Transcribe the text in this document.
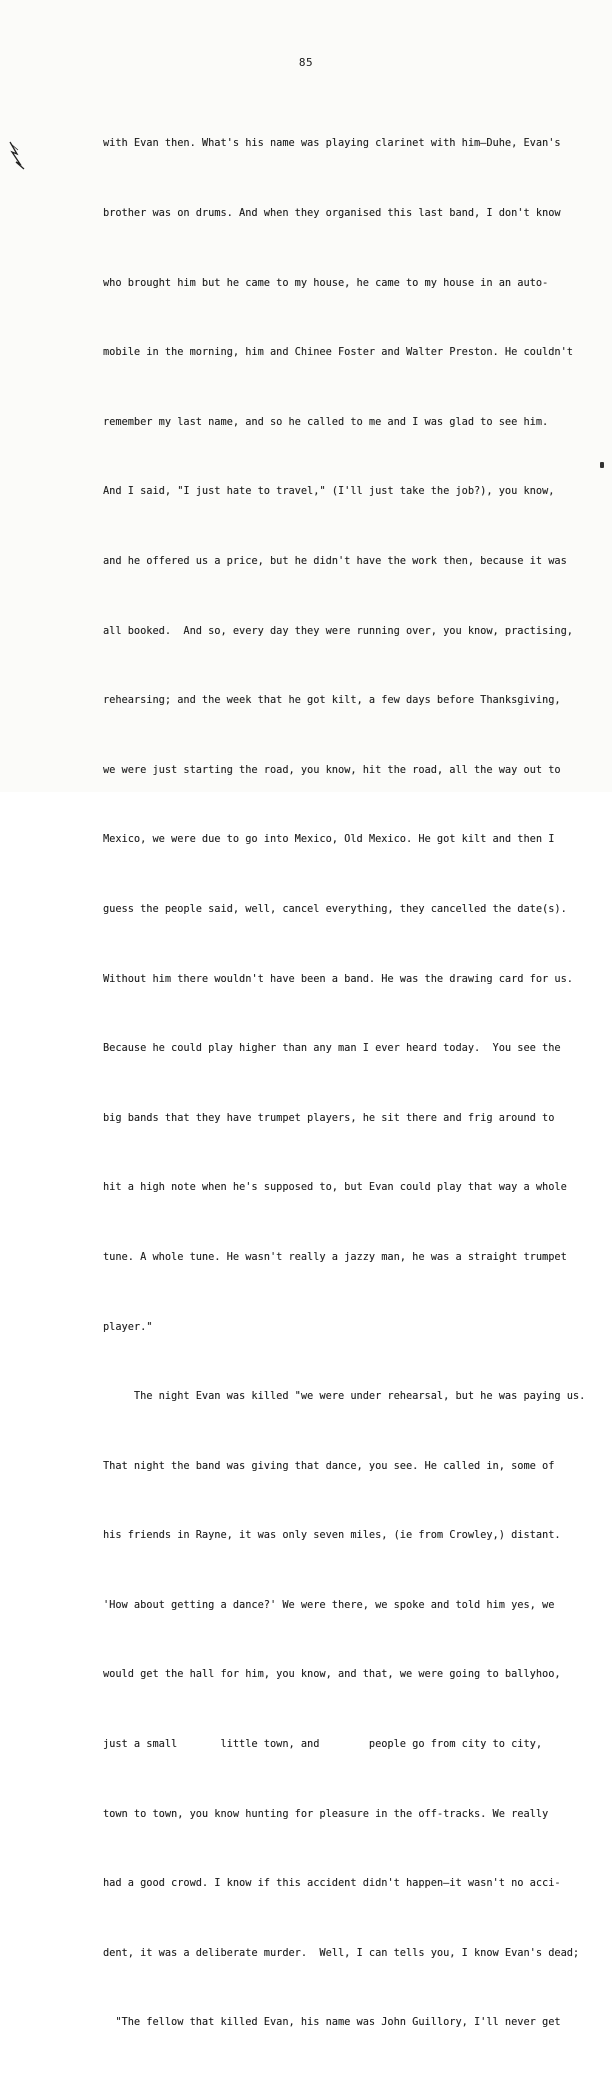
85

with Evan then. What's his name was playing clarinet with him—Duhe, Evan's

brother was on drums. And when they organised this last band, I don't know

who brought him but he came to my house, he came to my house in an auto-

mobile in the morning, him and Chinee Foster and Walter Preston. He couldn't

remember my last name, and so he called to me and I was glad to see him.

And I said, "I just hate to travel," (I'll just take the job?), you know,

and he offered us a price, but he didn't have the work then, because it was

all booked.  And so, every day they were running over, you know, practising,

rehearsing; and the week that he got kilt, a few days before Thanksgiving,

we were just starting the road, you know, hit the road, all the way out to

Mexico, we were due to go into Mexico, Old Mexico. He got kilt and then I

guess the people said, well, cancel everything, they cancelled the date(s).

Without him there wouldn't have been a band. He was the drawing card for us.

Because he could play higher than any man I ever heard today.  You see the

big bands that they have trumpet players, he sit there and frig around to

hit a high note when he's supposed to, but Evan could play that way a whole

tune. A whole tune. He wasn't really a jazzy man, he was a straight trumpet

player."

The night Evan was killed "we were under rehearsal, but he was paying us.

That night the band was giving that dance, you see. He called in, some of

his friends in Rayne, it was only seven miles, (ie from Crowley,) distant.

'How about getting a dance?' We were there, we spoke and told him yes, we

would get the hall for him, you know, and that, we were going to ballyhoo,

just a small       little town, and        people go from city to city,

town to town, you know hunting for pleasure in the off-tracks. We really

had a good crowd. I know if this accident didn't happen—it wasn't no acci-

dent, it was a deliberate murder.  Well, I can tells you, I know Evan's dead;

"The fellow that killed Evan, his name was John Guillory, I'll never get
